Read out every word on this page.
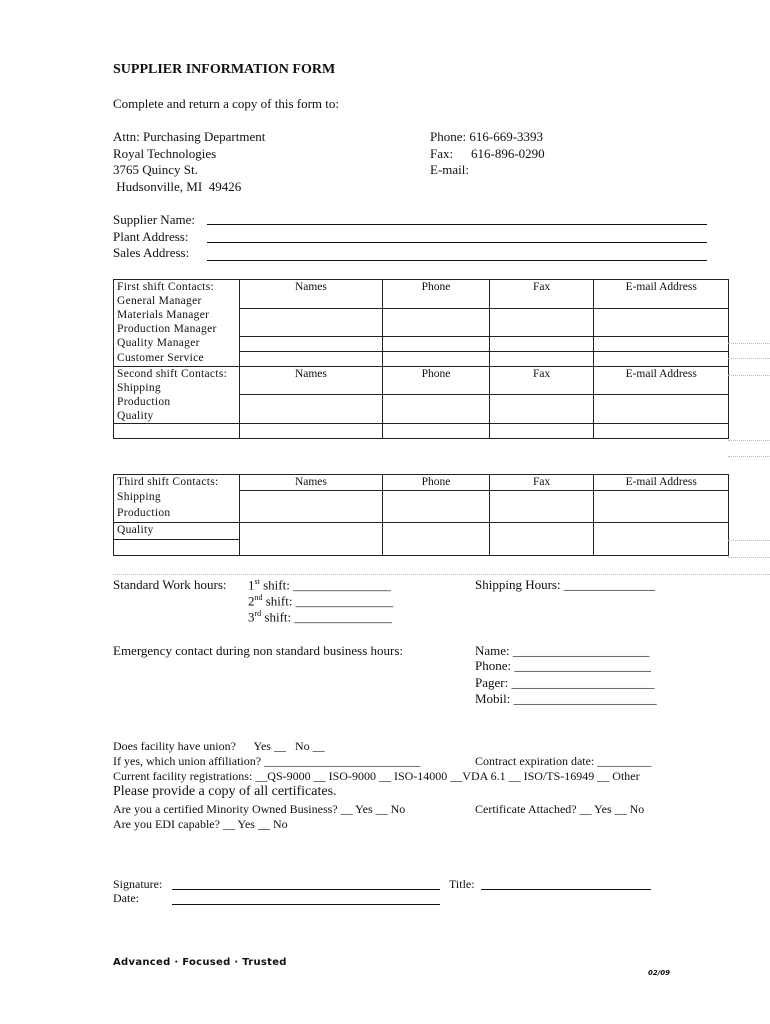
SUPPLIER INFORMATION FORM
Complete and return a copy of this form to:
Attn: Purchasing Department
Royal Technologies
3765 Quincy St.
Hudsonville, MI  49426
Phone: 616-669-3393
Fax: 616-896-0290
E-mail:
Supplier Name:
Plant Address:
Sales Address:
First shift Contacts:	Names	Phone	Fax	E-mail Address
General Manager				
Materials Manager				
Production Manager				
Quality Manager				
Customer Service				
Second shift Contacts:	Names	Phone	Fax	E-mail Address
Shipping				
Production				
Quality				

Third shift Contacts:	Names	Phone	Fax	E-mail Address
Shipping				
Production				
Quality				

Standard Work hours: 1st shift: _______________
2nd shift: _______________
3rd shift: _______________
Shipping Hours: ______________
Emergency contact during non standard business hours:	Name: _____________________
Phone: _____________________
Pager: ______________________
Mobil: ______________________
Does facility have union?      Yes __   No __
If yes, which union affiliation? __________________________	Contract expiration date: _________
Current facility registrations: __QS-9000 __ ISO-9000 __ ISO-14000 __VDA 6.1 __ ISO/TS-16949 __ Other
Please provide a copy of all certificates.
Are you a certified Minority Owned Business? __ Yes __ No	Certificate Attached? __ Yes __ No
Are you EDI capable? __ Yes __ No
Signature:
Date:
Title:
Advanced · Focused · Trusted
02/09
